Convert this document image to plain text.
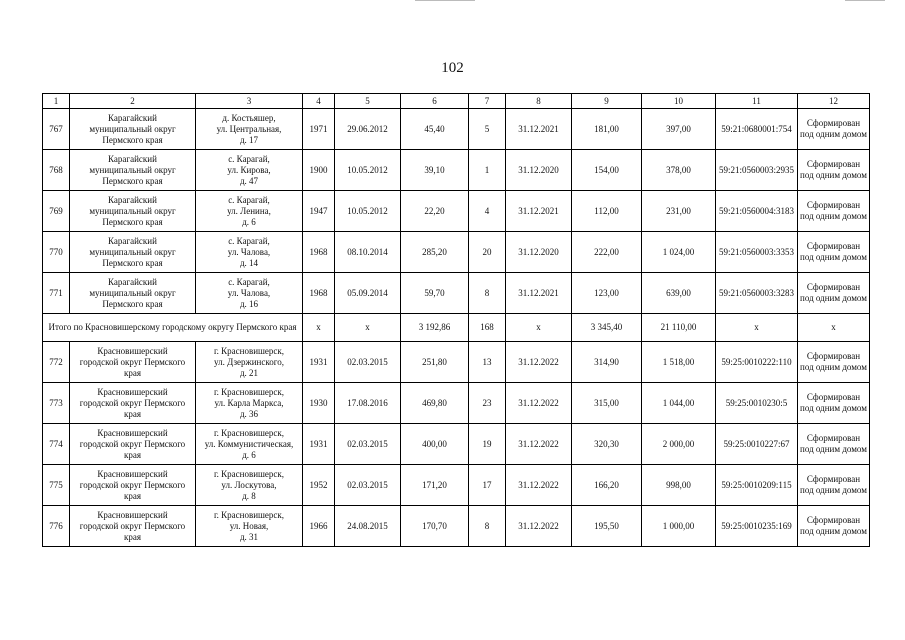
102
1	2	3	4	5	6	7	8	9	10	11	12
767	Карагайский
муниципальный округ
Пермского края	д. Костьяшер,
ул. Центральная,
д. 17	1971	29.06.2012	45,40	5	31.12.2021	181,00	397,00	59:21:0680001:754	Сформирован
под одним домом

768	Карагайский
муниципальный округ
Пермского края	с. Карагай,
ул. Кирова,
д. 47	1900	10.05.2012	39,10	1	31.12.2020	154,00	378,00	59:21:0560003:2935	Сформирован
под одним домом

769	Карагайский
муниципальный округ
Пермского края	с. Карагай,
ул. Ленина,
д. 6	1947	10.05.2012	22,20	4	31.12.2021	112,00	231,00	59:21:0560004:3183	Сформирован
под одним домом

770	Карагайский
муниципальный округ
Пермского края	с. Карагай,
ул. Чалова,
д. 14	1968	08.10.2014	285,20	20	31.12.2020	222,00	1 024,00	59:21:0560003:3353	Сформирован
под одним домом

771	Карагайский
муниципальный округ
Пермского края	с. Карагай,
ул. Чалова,
д. 16	1968	05.09.2014	59,70	8	31.12.2021	123,00	639,00	59:21:0560003:3283	Сформирован
под одним домом

Итого по Красновишерскому городскому округу Пермского края			x	x	3 192,86	168	x	3 345,40	21 110,00	x	x
772	Красновишерский
городской округ Пермского
края	г. Красновишерск,
ул. Дзержинского,
д. 21	1931	02.03.2015	251,80	13	31.12.2022	314,90	1 518,00	59:25:0010222:110	Сформирован
под одним домом

773	Красновишерский
городской округ Пермского
края	г. Красновишерск,
ул. Карла Маркса,
д. 36	1930	17.08.2016	469,80	23	31.12.2022	315,00	1 044,00	59:25:0010230:5	Сформирован
под одним домом

774	Красновишерский
городской округ Пермского
края	г. Красновишерск,
ул. Коммунистическая,
д. 6	1931	02.03.2015	400,00	19	31.12.2022	320,30	2 000,00	59:25:0010227:67	Сформирован
под одним домом

775	Красновишерский
городской округ Пермского
края	г. Красновишерск,
ул. Лоскутова,
д. 8	1952	02.03.2015	171,20	17	31.12.2022	166,20	998,00	59:25:0010209:115	Сформирован
под одним домом

776	Красновишерский
городской округ Пермского
края	г. Красновишерск,
ул. Новая,
д. 31	1966	24.08.2015	170,70	8	31.12.2022	195,50	1 000,00	59:25:0010235:169	Сформирован
под одним домом
